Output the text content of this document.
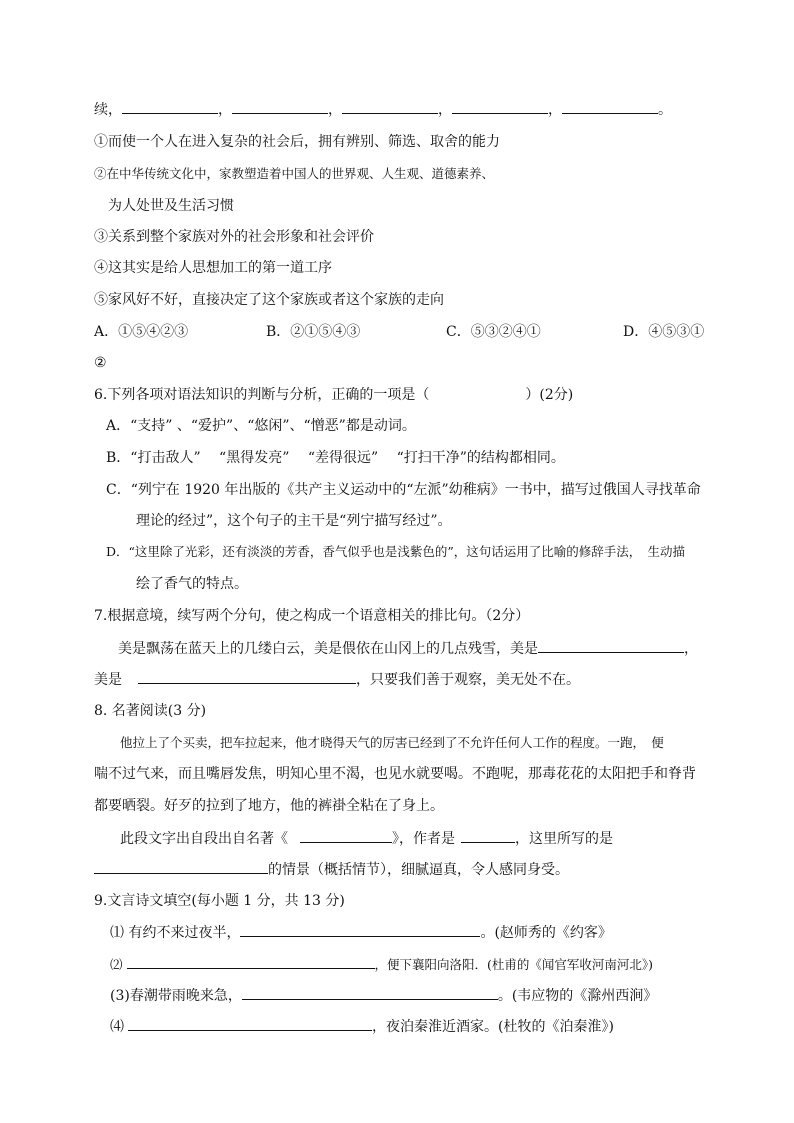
续，	，	，	，	，	。
①而使一个人在进入复杂的社会后，拥有辨别、筛选、取舍的能力
②在中华传统文化中，家教塑造着中国人的世界观、人生观、道德素养、
为人处世及生活习惯
③关系到整个家族对外的社会形象和社会评价
④这其实是给人思想加工的第一道工序
⑤家风好不好，直接决定了这个家族或者这个家族的走向
A．①⑤④②③	B．②①⑤④③	C．⑤③②④①	D．④⑤③①
②
6.下列各项对语法知识的判断与分析，正确的一项是（	）(2分)
A．“支持” 、“爱护”、“悠闲”、“憎恶”都是动词。
B．“打击敌人”　 “黑得发亮” 　“差得很远”　 “打扫干净”的结构都相同。
C．“列宁在 1920 年出版的《共产主义运动中的“左派”幼稚病》一书中，描写过俄国人寻找革命
理论的经过”，这个句子的主干是“列宁描写经过”。
D．“这里除了光彩，还有淡淡的芳香，香气似乎也是浅紫色的”，这句话运用了比喻的修辞手法，　生动描
绘了香气的特点。
7.根据意境，续写两个分句，使之构成一个语意相关的排比句。（2分）
美是飘荡在蓝天上的几缕白云，美是偎依在山冈上的几点残雪，美是	，
美是	，只要我们善于观察，美无处不在。
8. 名著阅读(3 分)
他拉上了个买卖，把车拉起来，他才晓得天气的厉害已经到了不允许任何人工作的程度。一跑，　便
喘不过气来，而且嘴唇发焦，明知心里不渴，也见水就要喝。不跑呢，那毒花花的太阳把手和脊背
都要晒裂。好歹的拉到了地方，他的裤褂全粘在了身上。
此段文字出自段出自名著《	》，作者是	，这里所写的是
的情景（概括情节），细腻逼真，令人感同身受。
9.文言诗文填空(每小题 1 分，共 13 分)
⑴ 有约不来过夜半，	。(赵师秀的《约客》
⑵	，便下襄阳向洛阳．(杜甫的《闻官军收河南河北》)
(3)春潮带雨晚来急，	。(韦应物的《滁州西涧》
⑷	，夜泊秦淮近酒家。(杜牧的《泊秦淮》)
